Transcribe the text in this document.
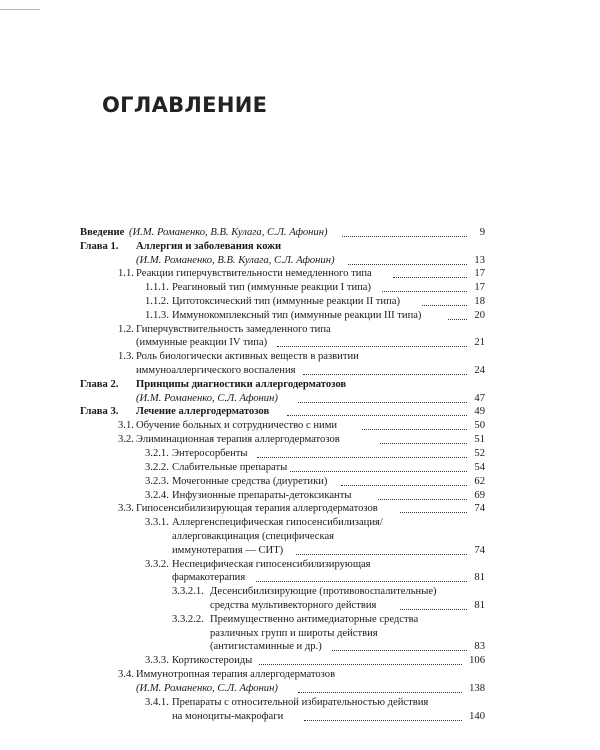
ОГЛАВЛЕНИЕ
Введение (И.М. Романенко, В.В. Кулага, С.Л. Афонин)	9
Глава 1. Аллергия и заболевания кожи
(И.М. Романенко, В.В. Кулага, С.Л. Афонин)	13
1.1. Реакции гиперчувствительности немедленного типа	17
1.1.1. Реагиновый тип (иммунные реакции I типа)	17
1.1.2. Цитотоксический тип (иммунные реакции II типа)	18
1.1.3. Иммунокомплексный тип (иммунные реакции III типа)	20
1.2. Гиперчувствительность замедленного типа
(иммунные реакции IV типа)	21
1.3. Роль биологически активных веществ в развитии
иммуноаллергического воспаления	24
Глава 2. Принципы диагностики аллергодерматозов
(И.М. Романенко, С.Л. Афонин)	47
Глава 3. Лечение аллергодерматозов	49
3.1. Обучение больных и сотрудничество с ними	50
3.2. Элиминационная терапия аллергодерматозов	51
3.2.1. Энтеросорбенты	52
3.2.2. Слабительные препараты	54
3.2.3. Мочегонные средства (диуретики)	62
3.2.4. Инфузионные препараты-детоксиканты	69
3.3. Гипосенсибилизирующая терапия аллергодерматозов	74
3.3.1. Аллергенспецифическая гипосенсибилизация/
аллерговакцинация (специфическая
иммунотерапия — СИТ)	74
3.3.2. Неспецифическая гипосенсибилизирующая
фармакотерапия	81
3.3.2.1. Десенсибилизирующие (противовоспалительные)
средства мультивекторного действия	81
3.3.2.2. Преимущественно антимедиаторные средства
различных групп и широты действия
(антигистаминные и др.)	83
3.3.3. Кортикостероиды	106
3.4. Иммунотропная терапия аллергодерматозов
(И.М. Романенко, С.Л. Афонин)	138
3.4.1. Препараты с относительной избирательностью действия
на моноциты-макрофаги	140
